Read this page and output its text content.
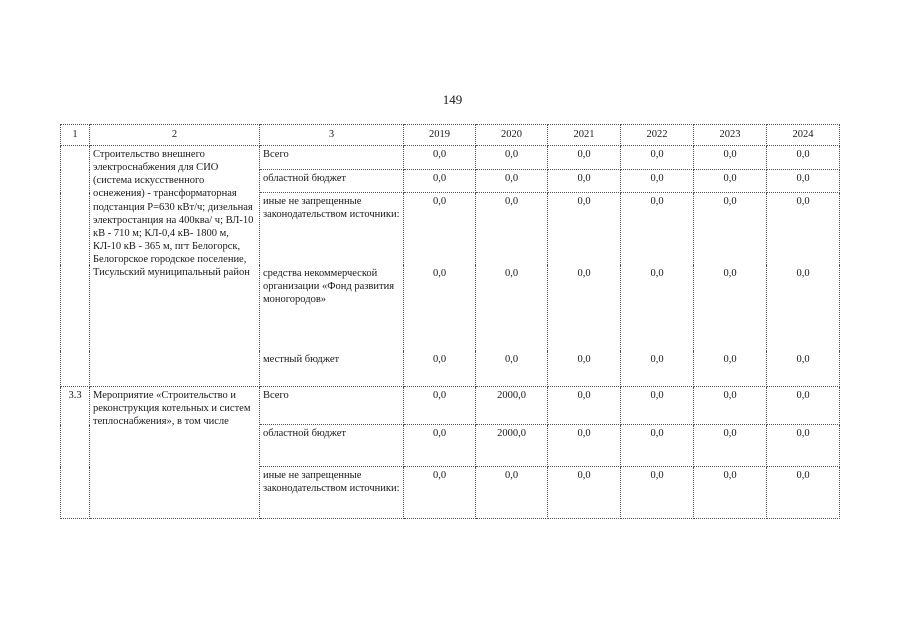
149
1	2	3	2019	2020	2021	2022	2023	2024
	Строительство внешнего электроснабжения для СИО (система искусственного оснежения) - трансформаторная подстанция P=630 кВт/ч; дизельная электростанция на 400ква/ ч; ВЛ-10 кВ - 710 м; КЛ-0,4 кВ- 1800 м, КЛ-10 кВ - 365 м, пгт Белогорск, Белогорское городское поселение, Тисульский муниципальный район	Всего	0,0	0,0	0,0	0,0	0,0	0,0
		областной бюджет	0,0	0,0	0,0	0,0	0,0	0,0
		иные не запрещенные законодательством источники:	0,0	0,0	0,0	0,0	0,0	0,0
		средства некоммерческой организации «Фонд развития моногородов»	0,0	0,0	0,0	0,0	0,0	0,0
		местный бюджет	0,0	0,0	0,0	0,0	0,0	0,0
3.3	Мероприятие «Строительство и реконструкция котельных и систем теплоснабжения», в том числе	Всего	0,0	2000,0	0,0	0,0	0,0	0,0
		областной бюджет	0,0	2000,0	0,0	0,0	0,0	0,0
		иные не запрещенные законодательством источники:	0,0	0,0	0,0	0,0	0,0	0,0
